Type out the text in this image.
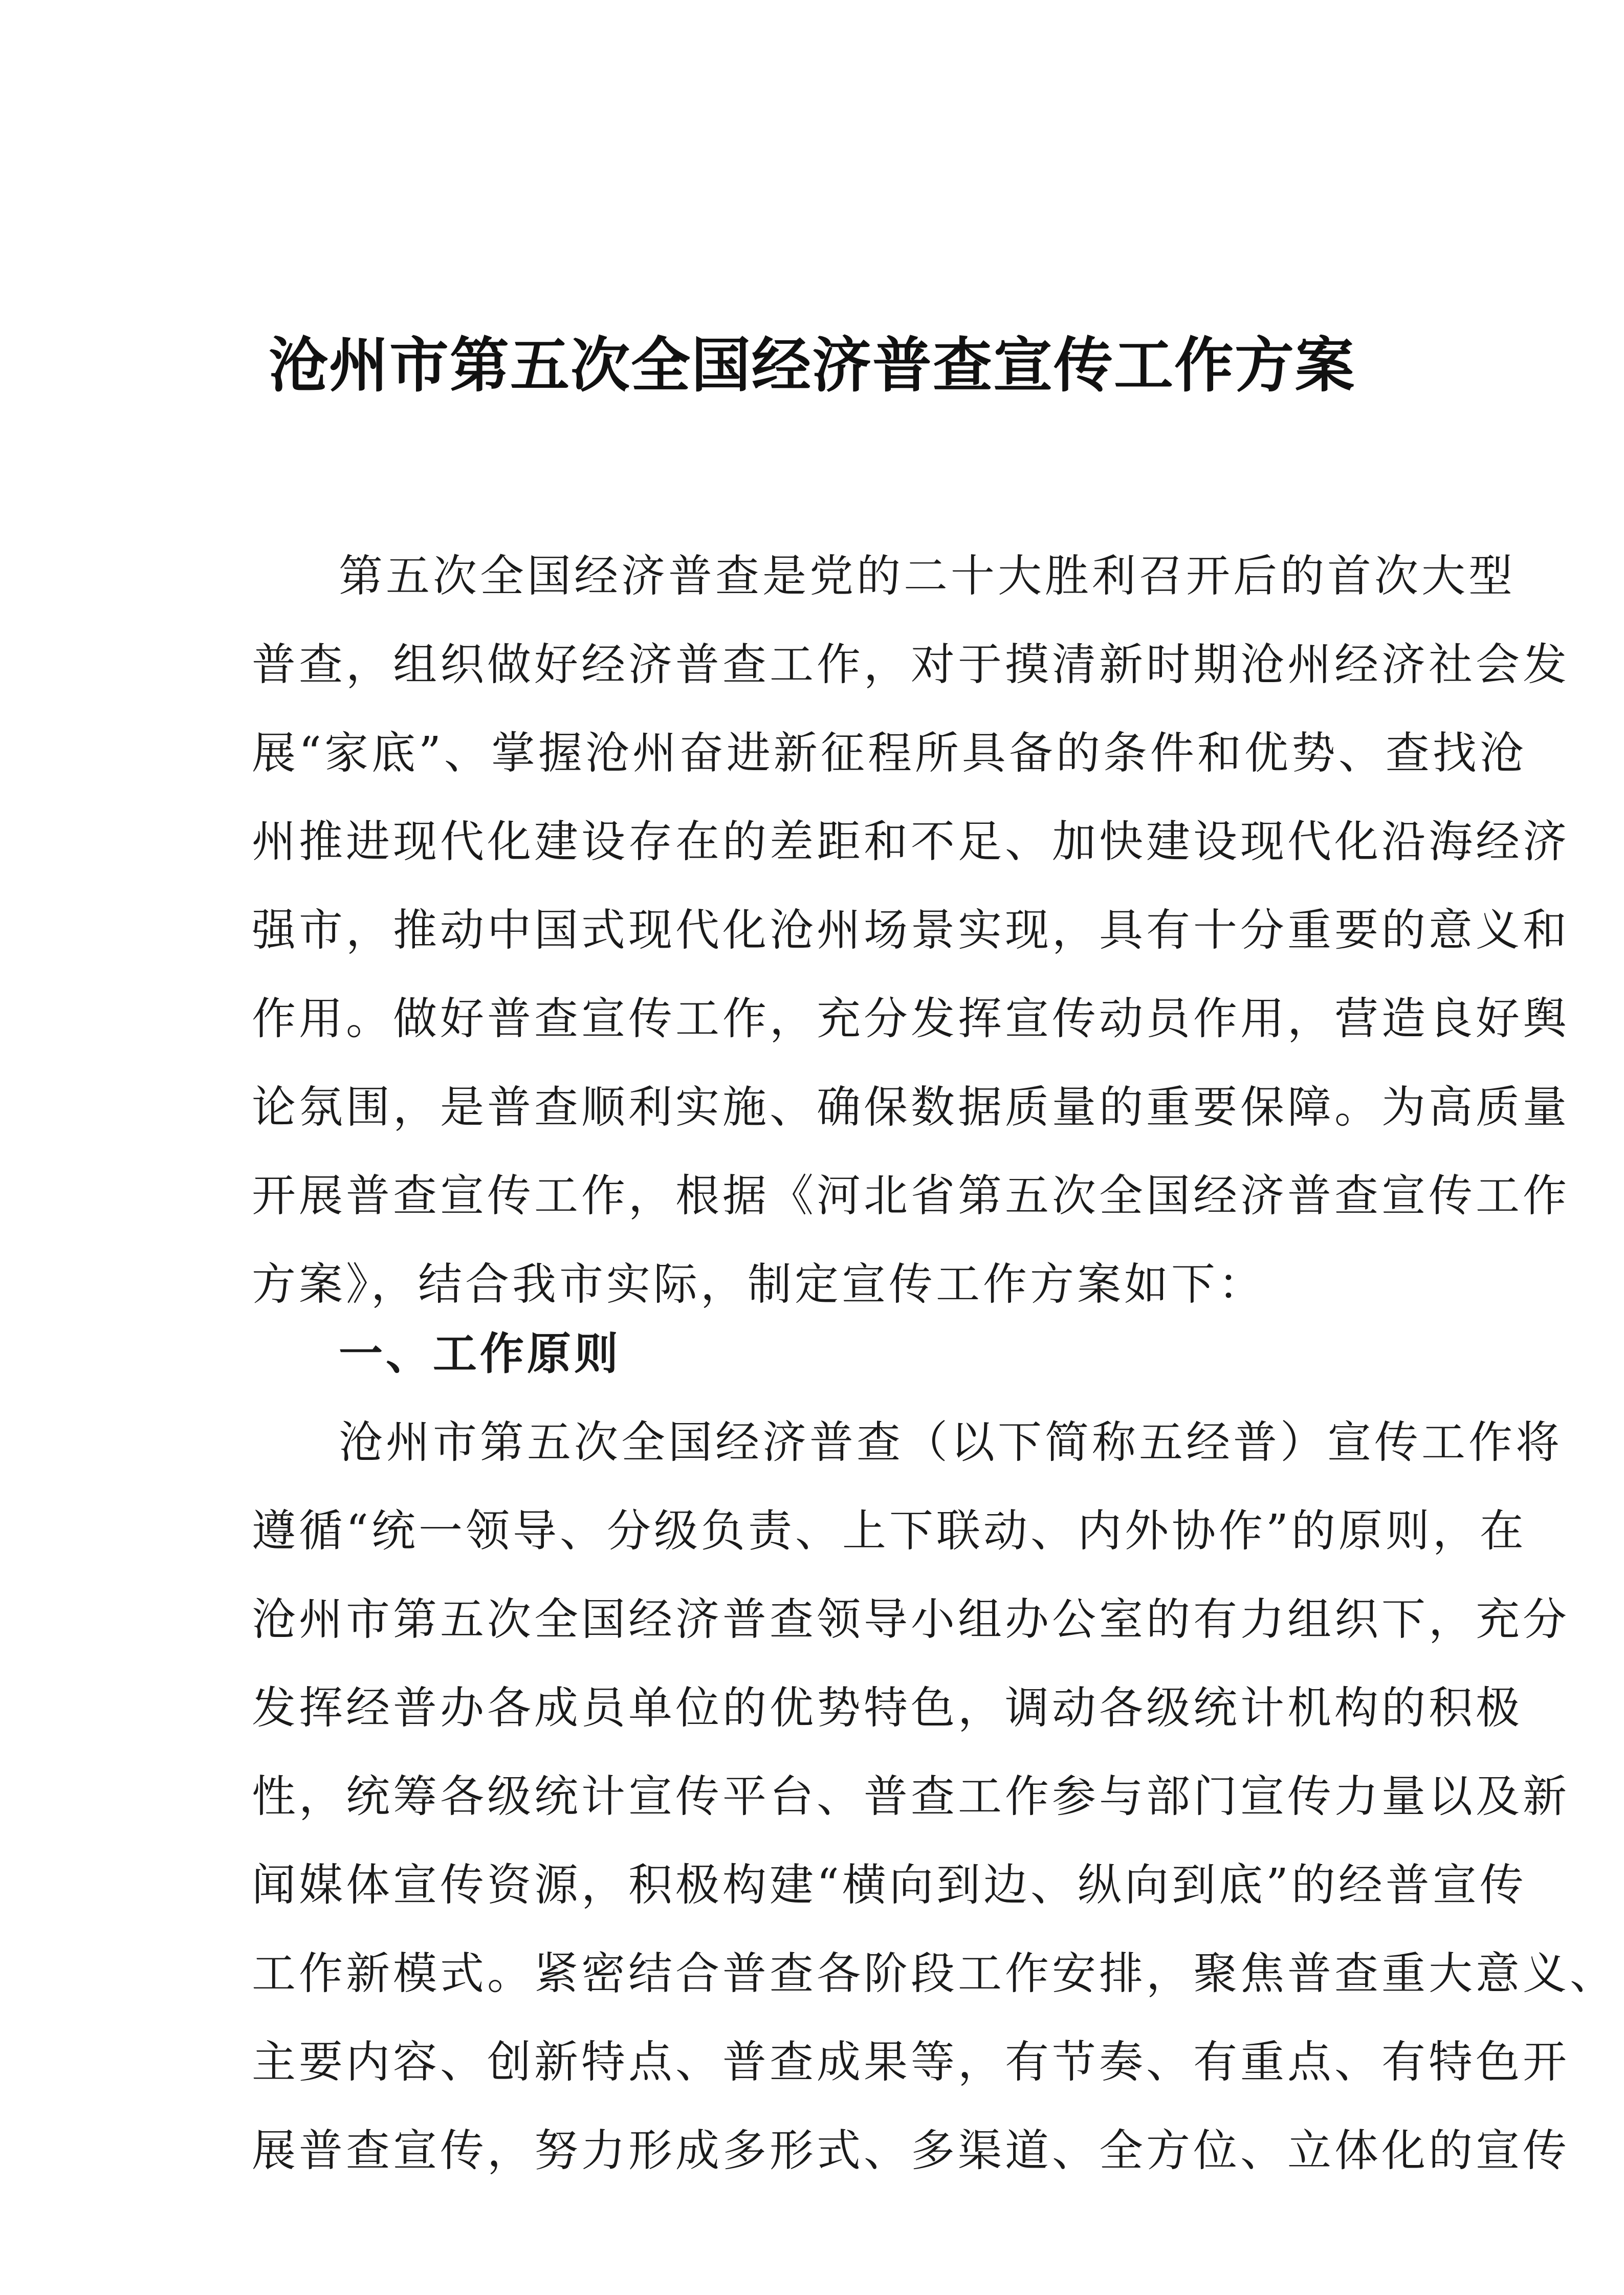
沧州市第五次全国经济普查宣传工作方案
第五次全国经济普查是党的二十大胜利召开后的首次大型
普查，组织做好经济普查工作，对于摸清新时期沧州经济社会发
展“家底”、掌握沧州奋进新征程所具备的条件和优势、查找沧
州推进现代化建设存在的差距和不足、加快建设现代化沿海经济
强市，推动中国式现代化沧州场景实现，具有十分重要的意义和
作用。做好普查宣传工作，充分发挥宣传动员作用，营造良好舆
论氛围，是普查顺利实施、确保数据质量的重要保障。为高质量
开展普查宣传工作，根据《河北省第五次全国经济普查宣传工作
方案》，结合我市实际，制定宣传工作方案如下：
一、工作原则
沧州市第五次全国经济普查（以下简称五经普）宣传工作将
遵循“统一领导、分级负责、上下联动、内外协作”的原则，在
沧州市第五次全国经济普查领导小组办公室的有力组织下，充分
发挥经普办各成员单位的优势特色，调动各级统计机构的积极
性，统筹各级统计宣传平台、普查工作参与部门宣传力量以及新
闻媒体宣传资源，积极构建“横向到边、纵向到底”的经普宣传
工作新模式。紧密结合普查各阶段工作安排，聚焦普查重大意义、
主要内容、创新特点、普查成果等，有节奏、有重点、有特色开
展普查宣传，努力形成多形式、多渠道、全方位、立体化的宣传
